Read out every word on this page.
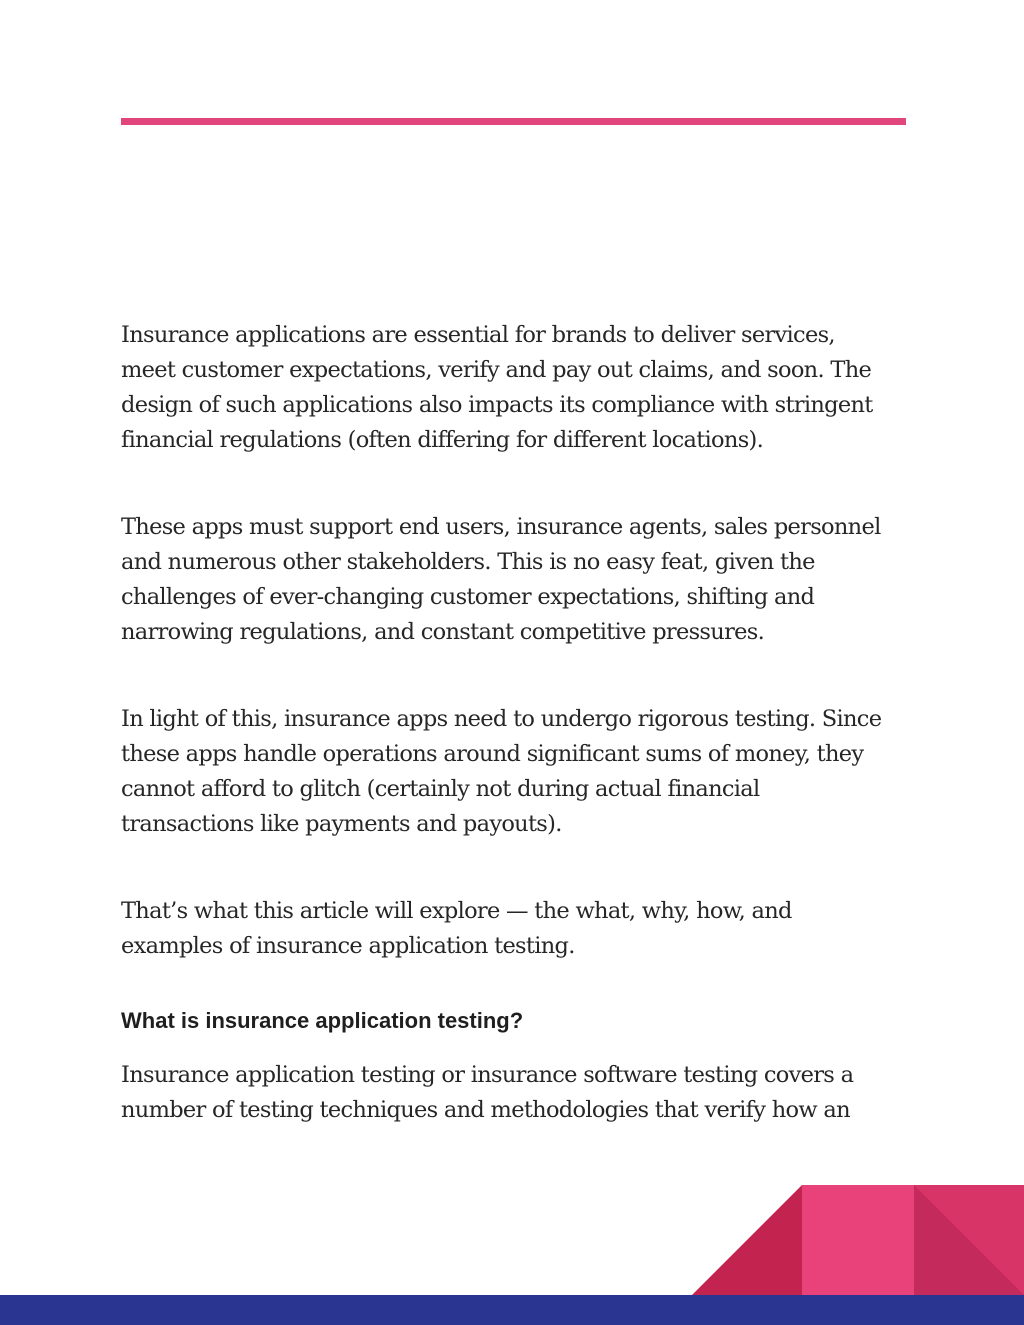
Insurance applications are essential for brands to deliver services,
meet customer expectations, verify and pay out claims, and soon. The
design of such applications also impacts its compliance with stringent
financial regulations (often differing for different locations).

These apps must support end users, insurance agents, sales personnel
and numerous other stakeholders. This is no easy feat, given the
challenges of ever-changing customer expectations, shifting and
narrowing regulations, and constant competitive pressures.

In light of this, insurance apps need to undergo rigorous testing. Since
these apps handle operations around significant sums of money, they
cannot afford to glitch (certainly not during actual financial
transactions like payments and payouts).

That’s what this article will explore — the what, why, how, and
examples of insurance application testing.

What is insurance application testing?

Insurance application testing or insurance software testing covers a
number of testing techniques and methodologies that verify how an
